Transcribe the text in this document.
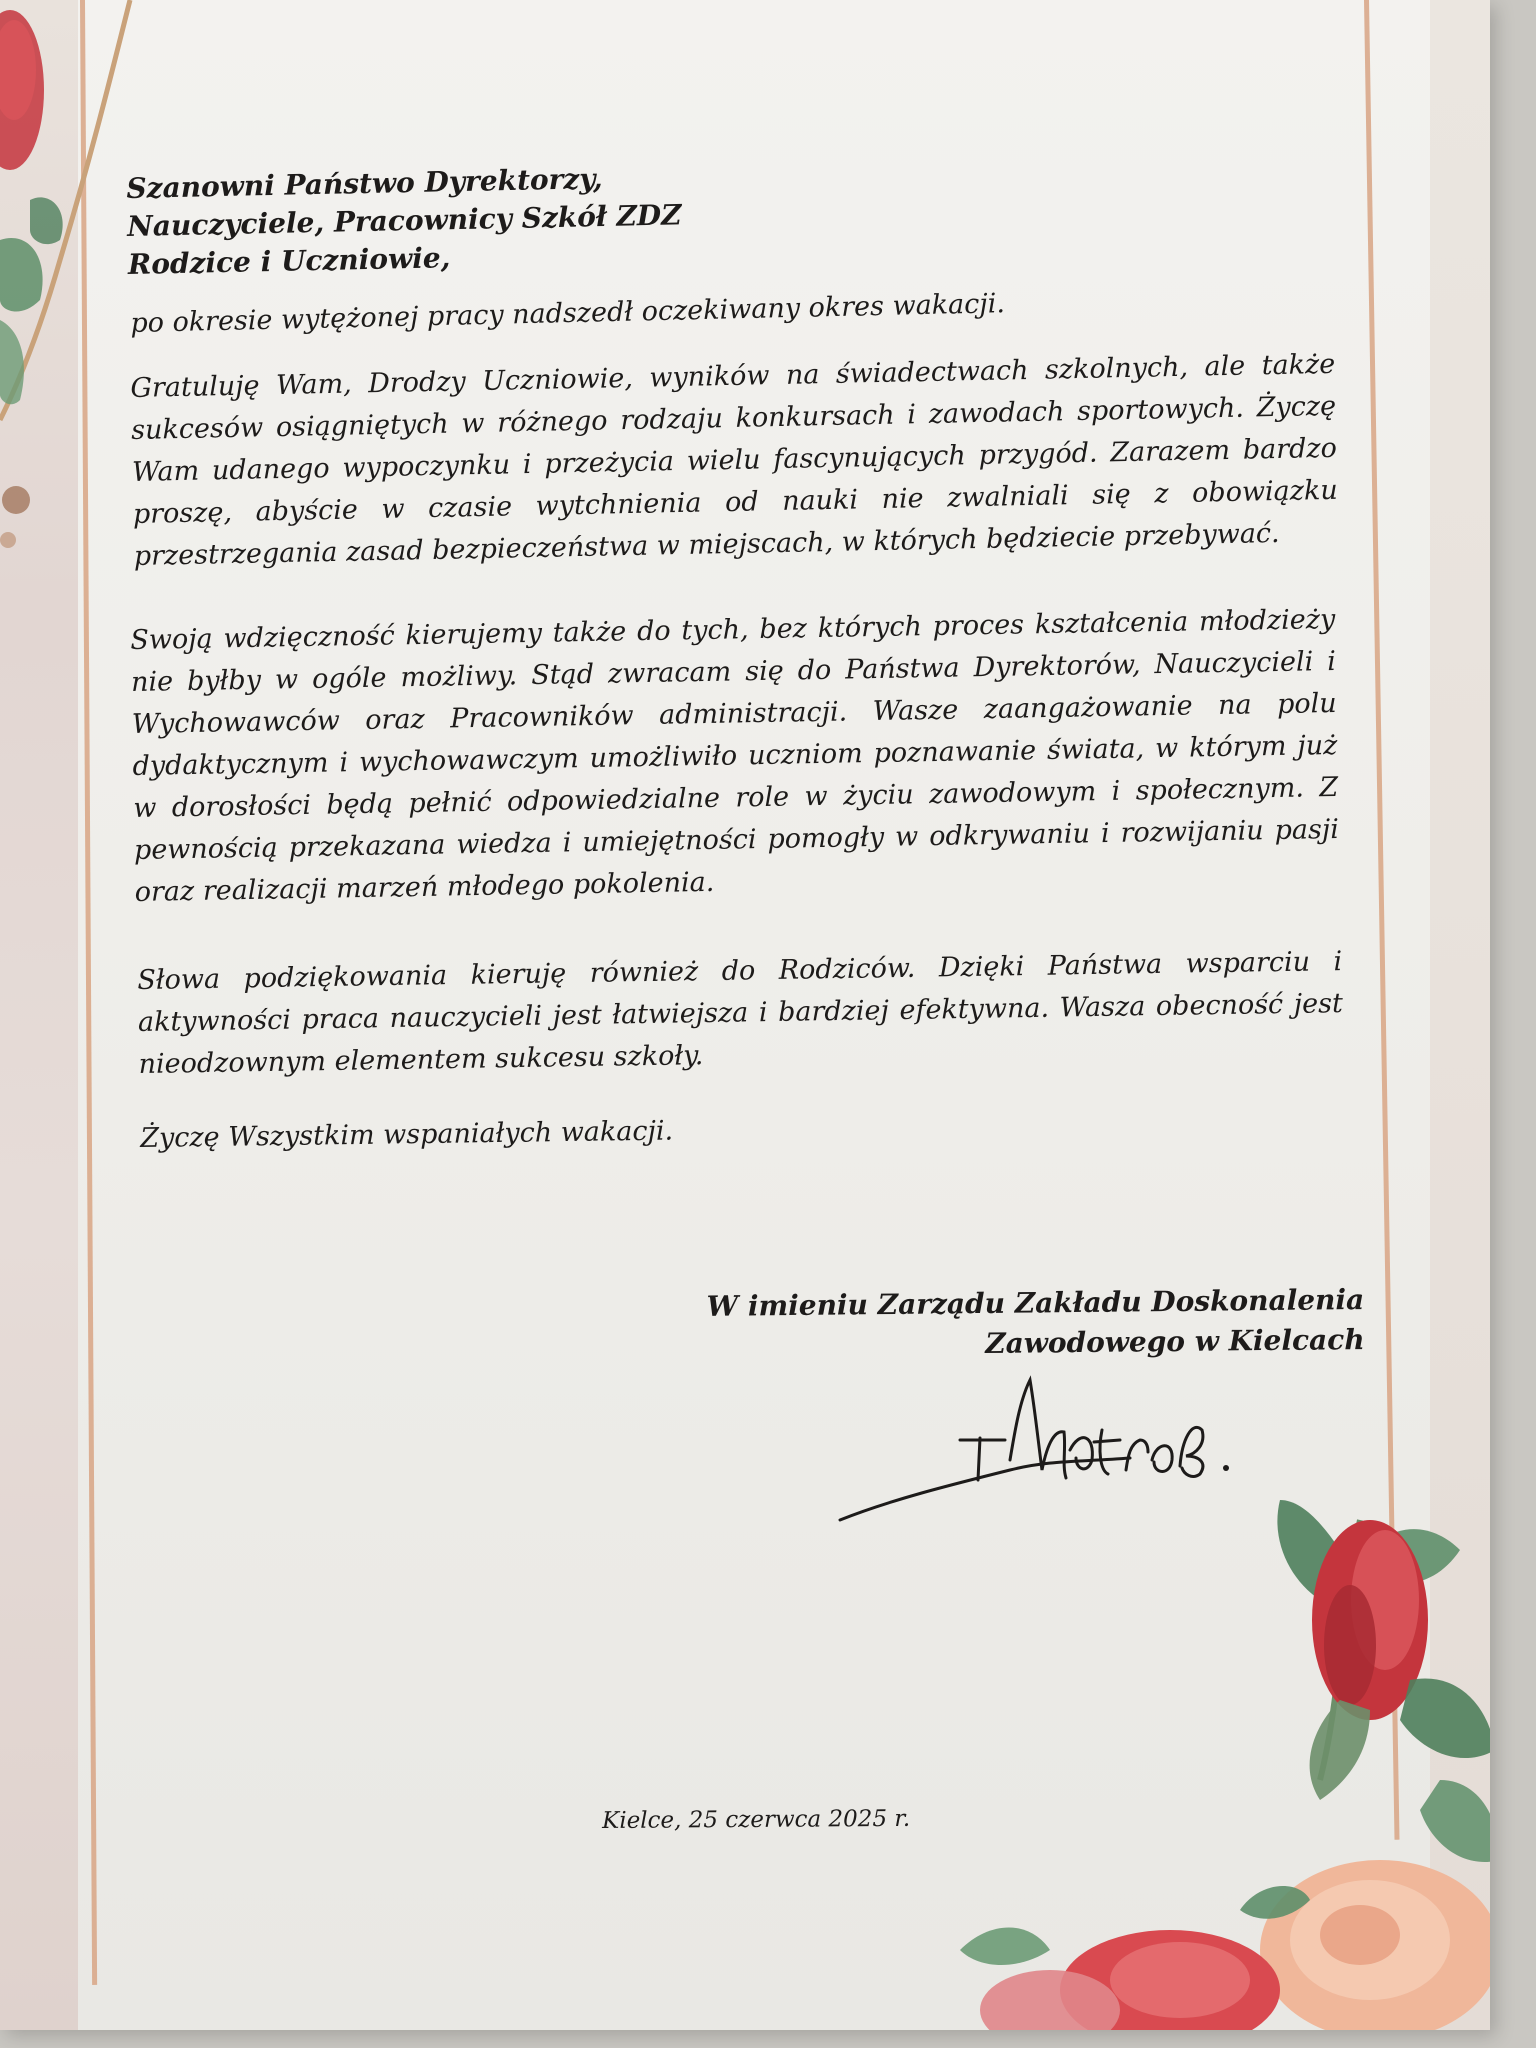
Szanowni Państwo Dyrektorzy,
Nauczyciele, Pracownicy Szkół ZDZ
Rodzice i Uczniowie,
po okresie wytężonej pracy nadszedł oczekiwany okres wakacji.
Gratuluję Wam, Drodzy Uczniowie, wyników na świadectwach szkolnych, ale także sukcesów osiągniętych w różnego rodzaju konkursach i zawodach sportowych. Życzę Wam udanego wypoczynku i przeżycia wielu fascynujących przygód. Zarazem bardzo proszę, abyście w czasie wytchnienia od nauki nie zwalniali się z obowiązku przestrzegania zasad bezpieczeństwa w miejscach, w których będziecie przebywać.
Swoją wdzięczność kierujemy także do tych, bez których proces kształcenia młodzieży nie byłby w ogóle możliwy. Stąd zwracam się do Państwa Dyrektorów, Nauczycieli i Wychowawców oraz Pracowników administracji. Wasze zaangażowanie na polu dydaktycznym i wychowawczym umożliwiło uczniom poznawanie świata, w którym już w dorosłości będą pełnić odpowiedzialne role w życiu zawodowym i społecznym. Z pewnością przekazana wiedza i umiejętności pomogły w odkrywaniu i rozwijaniu pasji oraz realizacji marzeń młodego pokolenia.
Słowa podziękowania kieruję również do Rodziców. Dzięki Państwa wsparciu i aktywności praca nauczycieli jest łatwiejsza i bardziej efektywna. Wasza obecność jest nieodzownym elementem sukcesu szkoły.
Życzę Wszystkim wspaniałych wakacji.
W imieniu Zarządu Zakładu Doskonalenia
Zawodowego w Kielcach
Kielce, 25 czerwca 2025 r.
